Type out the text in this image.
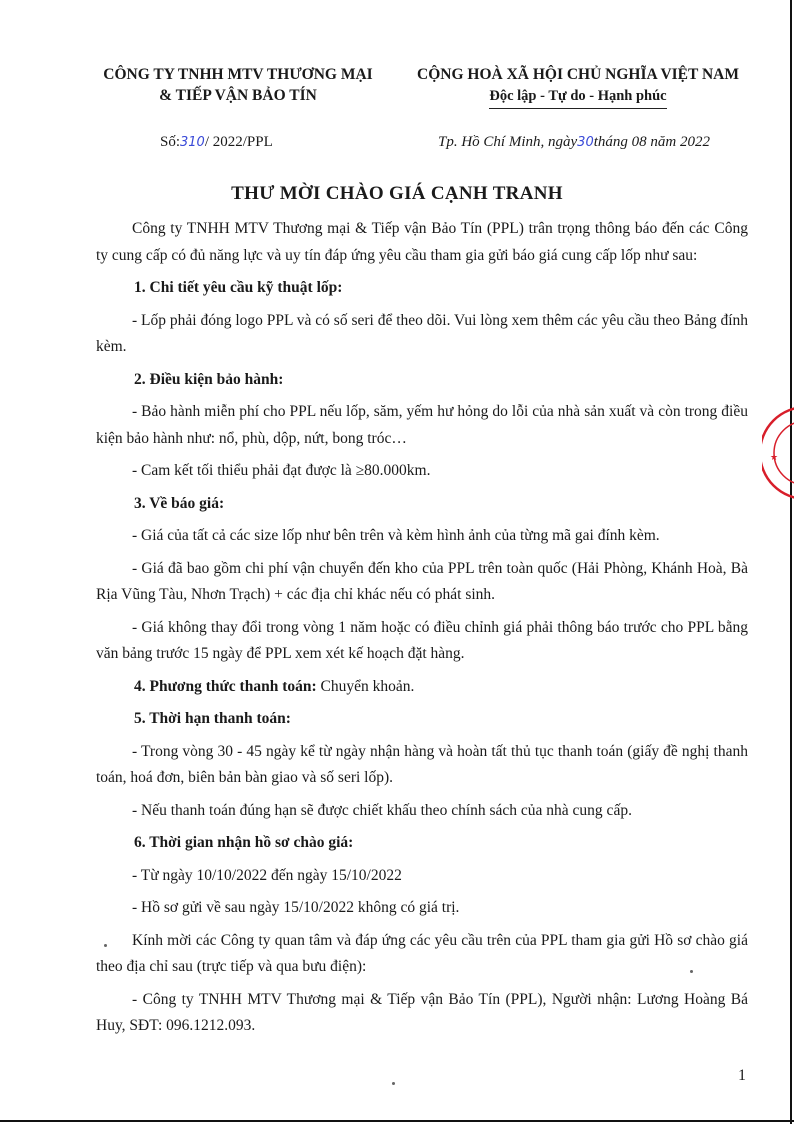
CÔNG TY TNHH MTV THƯƠNG MẠI
& TIẾP VẬN BẢO TÍN
CỘNG HOÀ XÃ HỘI CHỦ NGHĨA VIỆT NAM
Độc lập - Tự do - Hạnh phúc
Số:310/ 2022/PPL	Tp. Hồ Chí Minh, ngày30tháng 08 năm 2022
THƯ MỜI CHÀO GIÁ CẠNH TRANH

Công ty TNHH MTV Thương mại & Tiếp vận Bảo Tín (PPL) trân trọng thông báo đến các Công ty cung cấp có đủ năng lực và uy tín đáp ứng yêu cầu tham gia gửi báo giá cung cấp lốp như sau:

1. Chi tiết yêu cầu kỹ thuật lốp:

- Lốp phải đóng logo PPL và có số seri để theo dõi. Vui lòng xem thêm các yêu cầu theo Bảng đính kèm.

2. Điều kiện bảo hành:

- Bảo hành miễn phí cho PPL nếu lốp, săm, yếm hư hỏng do lỗi của nhà sản xuất và còn trong điều kiện bảo hành như: nổ, phù, dộp, nứt, bong tróc…

- Cam kết tối thiểu phải đạt được là ≥80.000km.

3. Về báo giá:

- Giá của tất cả các size lốp như bên trên và kèm hình ảnh của từng mã gai đính kèm.

- Giá đã bao gồm chi phí vận chuyển đến kho của PPL trên toàn quốc (Hải Phòng, Khánh Hoà, Bà Rịa Vũng Tàu, Nhơn Trạch) + các địa chỉ khác nếu có phát sinh.

- Giá không thay đổi trong vòng 1 năm hoặc có điều chỉnh giá phải thông báo trước cho PPL bằng văn bảng trước 15 ngày để PPL xem xét kế hoạch đặt hàng.

4. Phương thức thanh toán: Chuyển khoản.

5. Thời hạn thanh toán:

- Trong vòng 30 - 45 ngày kể từ ngày nhận hàng và hoàn tất thủ tục thanh toán (giấy đề nghị thanh toán, hoá đơn, biên bản bàn giao và số seri lốp).

- Nếu thanh toán đúng hạn sẽ được chiết khấu theo chính sách của nhà cung cấp.

6. Thời gian nhận hồ sơ chào giá:

- Từ ngày 10/10/2022 đến ngày 15/10/2022

- Hồ sơ gửi về sau ngày 15/10/2022 không có giá trị.

Kính mời các Công ty quan tâm và đáp ứng các yêu cầu trên của PPL tham gia gửi Hồ sơ chào giá theo địa chỉ sau (trực tiếp và qua bưu điện):

- Công ty TNHH MTV Thương mại & Tiếp vận Bảo Tín (PPL), Người nhận: Lương Hoàng Bá Huy, SĐT: 096.1212.093.

1
★
